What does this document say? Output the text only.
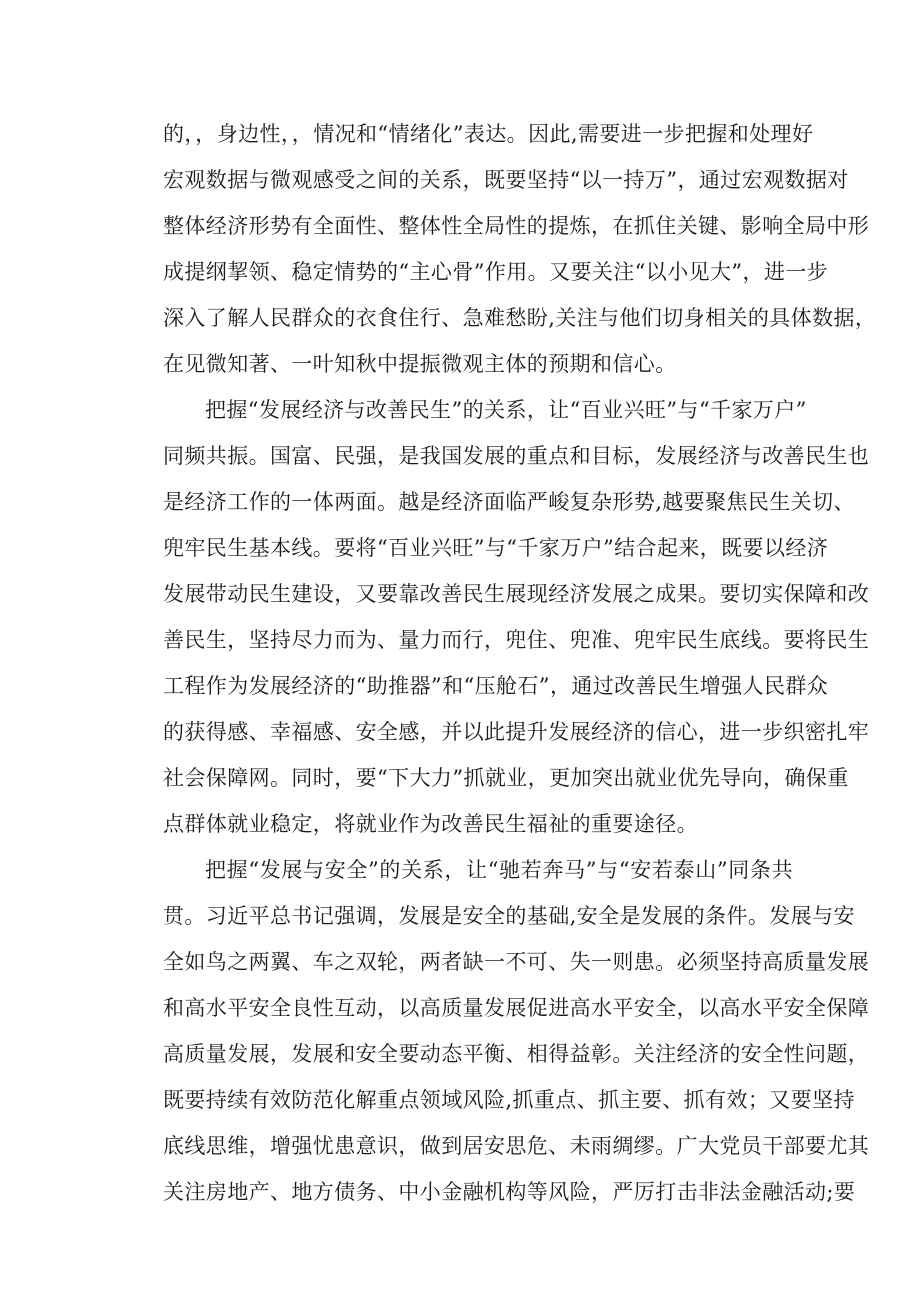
的，，身边性，，情况和“情绪化”表达。因此,需要进一步把握和处理好
宏观数据与微观感受之间的关系，既要坚持“以一持万”，通过宏观数据对
整体经济形势有全面性、整体性全局性的提炼，在抓住关键、影响全局中形
成提纲挈领、稳定情势的“主心骨”作用。又要关注“以小见大”，进一步
深入了解人民群众的衣食住行、急难愁盼,关注与他们切身相关的具体数据，
在见微知著、一叶知秋中提振微观主体的预期和信心。
把握“发展经济与改善民生”的关系，让“百业兴旺”与“千家万户”
同频共振。国富、民强，是我国发展的重点和目标，发展经济与改善民生也
是经济工作的一体两面。越是经济面临严峻复杂形势,越要聚焦民生关切、
兜牢民生基本线。要将“百业兴旺”与“千家万户”结合起来，既要以经济
发展带动民生建设，又要靠改善民生展现经济发展之成果。要切实保障和改
善民生，坚持尽力而为、量力而行，兜住、兜准、兜牢民生底线。要将民生
工程作为发展经济的“助推器”和“压舱石”，通过改善民生增强人民群众
的获得感、幸福感、安全感，并以此提升发展经济的信心，进一步织密扎牢
社会保障网。同时，要“下大力”抓就业，更加突出就业优先导向，确保重
点群体就业稳定，将就业作为改善民生福祉的重要途径。
把握“发展与安全”的关系，让“驰若奔马”与“安若泰山”同条共
贯。习近平总书记强调，发展是安全的基础,安全是发展的条件。发展与安
全如鸟之两翼、车之双轮，两者缺一不可、失一则患。必须坚持高质量发展
和高水平安全良性互动，以高质量发展促进高水平安全，以高水平安全保障
高质量发展，发展和安全要动态平衡、相得益彰。关注经济的安全性问题，
既要持续有效防范化解重点领域风险,抓重点、抓主要、抓有效；又要坚持
底线思维，增强忧患意识，做到居安思危、未雨绸缪。广大党员干部要尤其
关注房地产、地方债务、中小金融机构等风险，严厉打击非法金融活动;要
